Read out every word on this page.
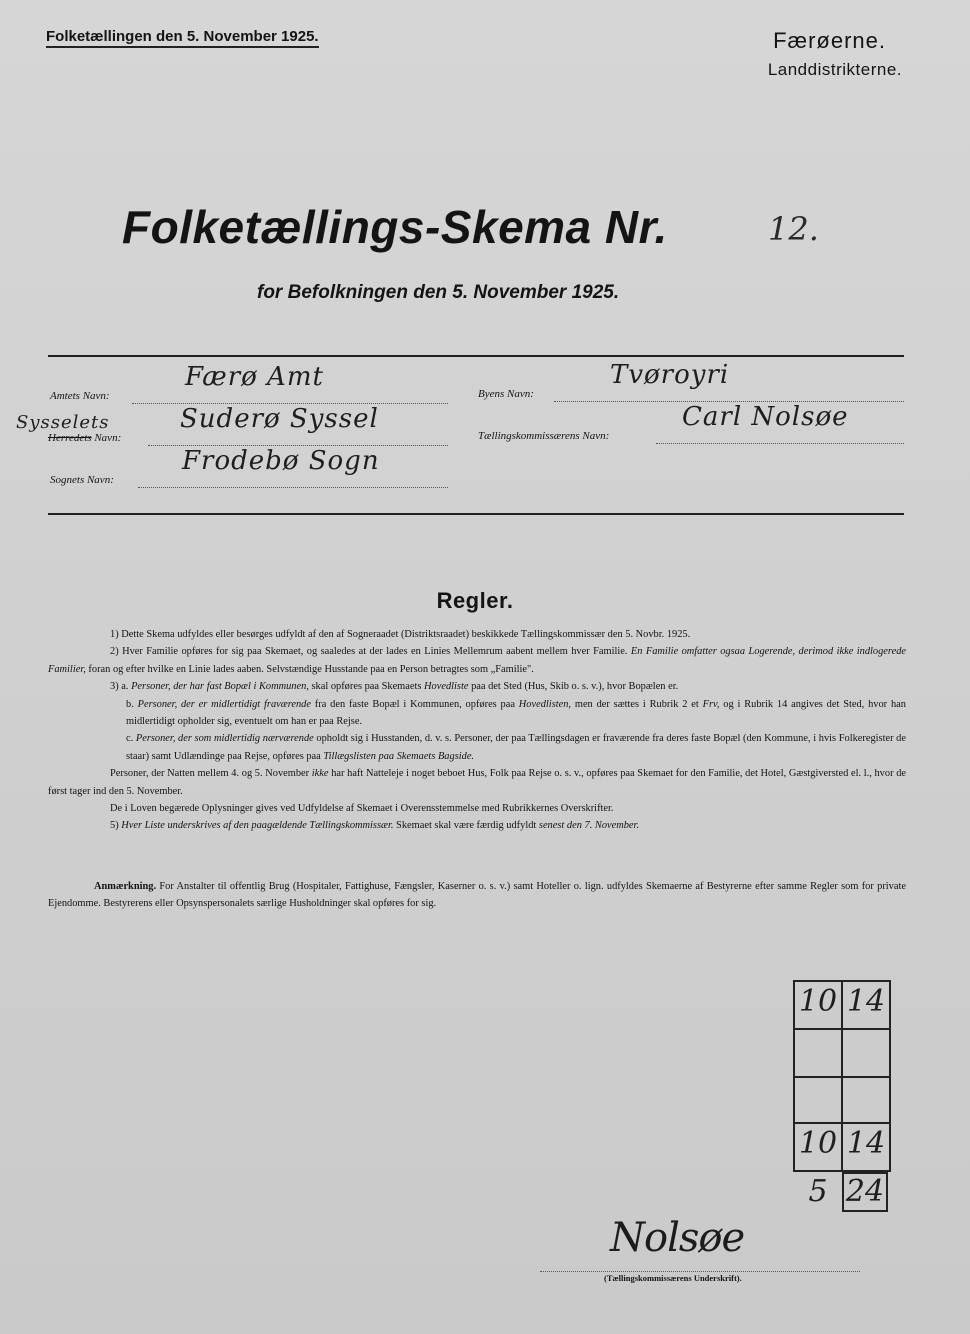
Folketællingen den 5. November 1925.	Færøerne.
Landdistrikterne.
Folketællings-Skema Nr.	12.
for Befolkningen den 5. November 1925.
Amtets Navn:
Færø Amt
Sysselets
Herredets Navn:
Suderø Syssel
Sognets Navn:
Frodebø Sogn
Byens Navn:
Tvøroyri
Tællingskommissærens Navn:
Carl Nolsøe
Regler.

1) Dette Skema udfyldes eller besørges udfyldt af den af Sogneraadet (Distriktsraadet) beskikkede Tællingskommissær den 5. Novbr. 1925.

2) Hver Familie opføres for sig paa Skemaet, og saaledes at der lades en Linies Mellemrum aabent mellem hver Familie. En Familie omfatter ogsaa Logerende, derimod ikke indlogerede Familier, foran og efter hvilke en Linie lades aaben. Selvstændige Husstande paa en Person betragtes som „Familie".

3) a. Personer, der har fast Bopæl i Kommunen, skal opføres paa Skemaets Hovedliste paa det Sted (Hus, Skib o. s. v.), hvor Bopælen er.

b. Personer, der er midlertidigt fraværende fra den faste Bopæl i Kommunen, opføres paa Hovedlisten, men der sættes i Rubrik 2 et Frv, og i Rubrik 14 angives det Sted, hvor han midlertidigt opholder sig, eventuelt om han er paa Rejse.

c. Personer, der som midlertidig nærværende opholdt sig i Husstanden, d. v. s. Personer, der paa Tællingsdagen er fraværende fra deres faste Bopæl (den Kommune, i hvis Folkeregister de staar) samt Udlændinge paa Rejse, opføres paa Tillægslisten paa Skemaets Bagside.

Personer, der Natten mellem 4. og 5. November ikke har haft Natteleje i noget beboet Hus, Folk paa Rejse o. s. v., opføres paa Skemaet for den Familie, det Hotel, Gæstgiversted el. l., hvor de først tager ind den 5. November.

De i Loven begærede Oplysninger gives ved Udfyldelse af Skemaet i Overensstemmelse med Rubrikkernes Overskrifter.

5) Hver Liste underskrives af den paagældende Tællingskommissær. Skemaet skal være færdig udfyldt senest den 7. November.

Anmærkning. For Anstalter til offentlig Brug (Hospitaler, Fattighuse, Fængsler, Kaserner o. s. v.) samt Hoteller o. lign. udfyldes Skemaerne af Bestyrerne efter samme Regler som for private Ejendomme. Bestyrerens eller Opsynspersonalets særlige Husholdninger skal opføres for sig.

10 14
10 14
5 24
Nolsøe
(Tællingskommissærens Underskrift).
